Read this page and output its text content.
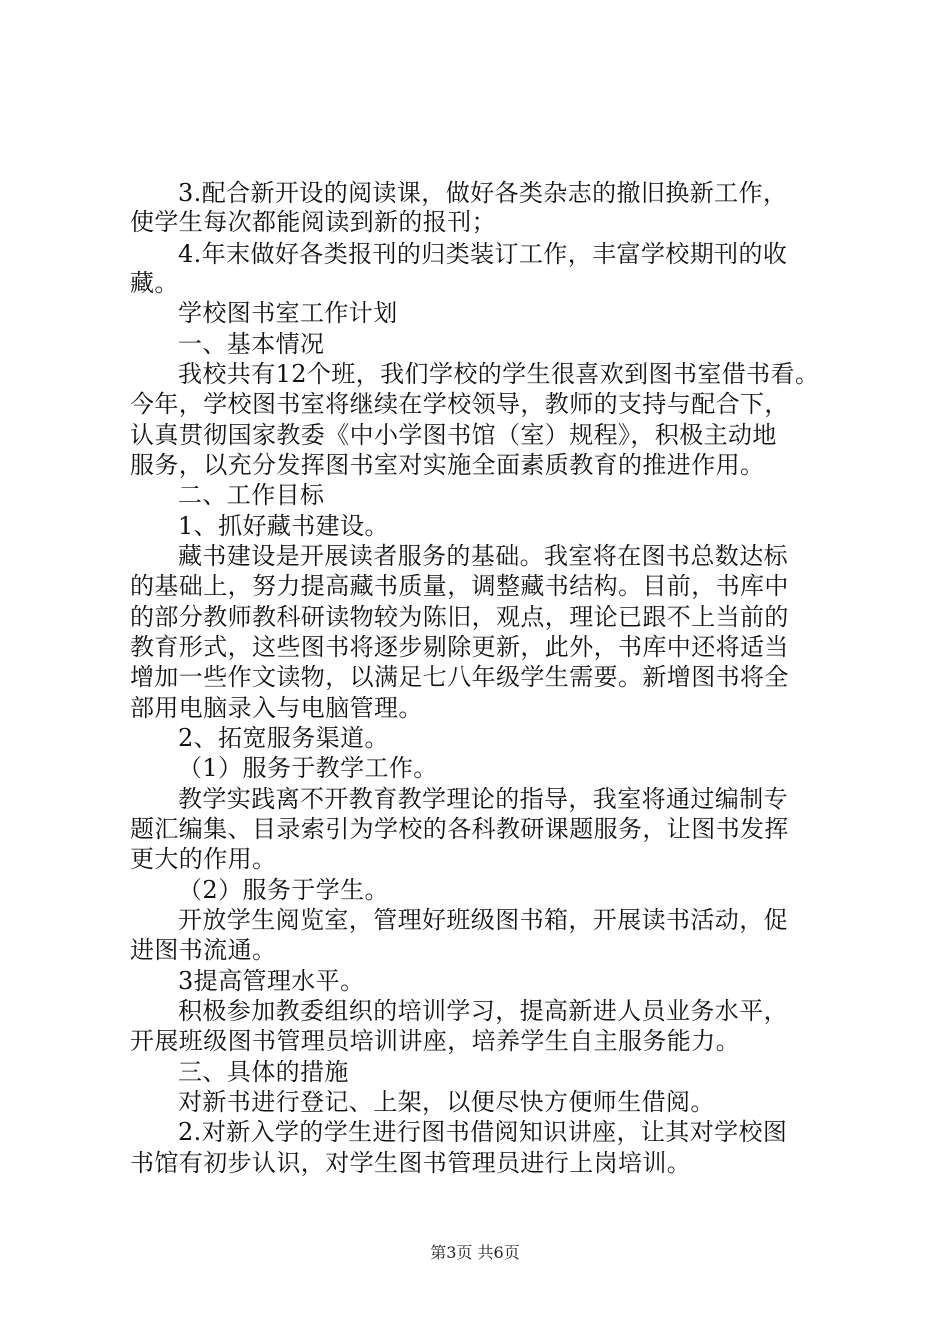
3.配合新开设的阅读课，做好各类杂志的撤旧换新工作，
使学生每次都能阅读到新的报刊；
4.年末做好各类报刊的归类装订工作，丰富学校期刊的收
藏。
学校图书室工作计划
一、基本情况
我校共有12个班，我们学校的学生很喜欢到图书室借书看。
今年，学校图书室将继续在学校领导，教师的支持与配合下，
认真贯彻国家教委《中小学图书馆（室）规程》，积极主动地
服务，以充分发挥图书室对实施全面素质教育的推进作用。
二、工作目标
1、抓好藏书建设。
藏书建设是开展读者服务的基础。我室将在图书总数达标
的基础上，努力提高藏书质量，调整藏书结构。目前，书库中
的部分教师教科研读物较为陈旧，观点，理论已跟不上当前的
教育形式，这些图书将逐步剔除更新，此外，书库中还将适当
增加一些作文读物，以满足七八年级学生需要。新增图书将全
部用电脑录入与电脑管理。
2、拓宽服务渠道。
（1）服务于教学工作。
教学实践离不开教育教学理论的指导，我室将通过编制专
题汇编集、目录索引为学校的各科教研课题服务，让图书发挥
更大的作用。
（2）服务于学生。
开放学生阅览室，管理好班级图书箱，开展读书活动，促
进图书流通。
3提高管理水平。
积极参加教委组织的培训学习，提高新进人员业务水平，
开展班级图书管理员培训讲座，培养学生自主服务能力。
三、具体的措施
对新书进行登记、上架，以便尽快方便师生借阅。
2.对新入学的学生进行图书借阅知识讲座，让其对学校图
书馆有初步认识，对学生图书管理员进行上岗培训。
第3页 共6页
